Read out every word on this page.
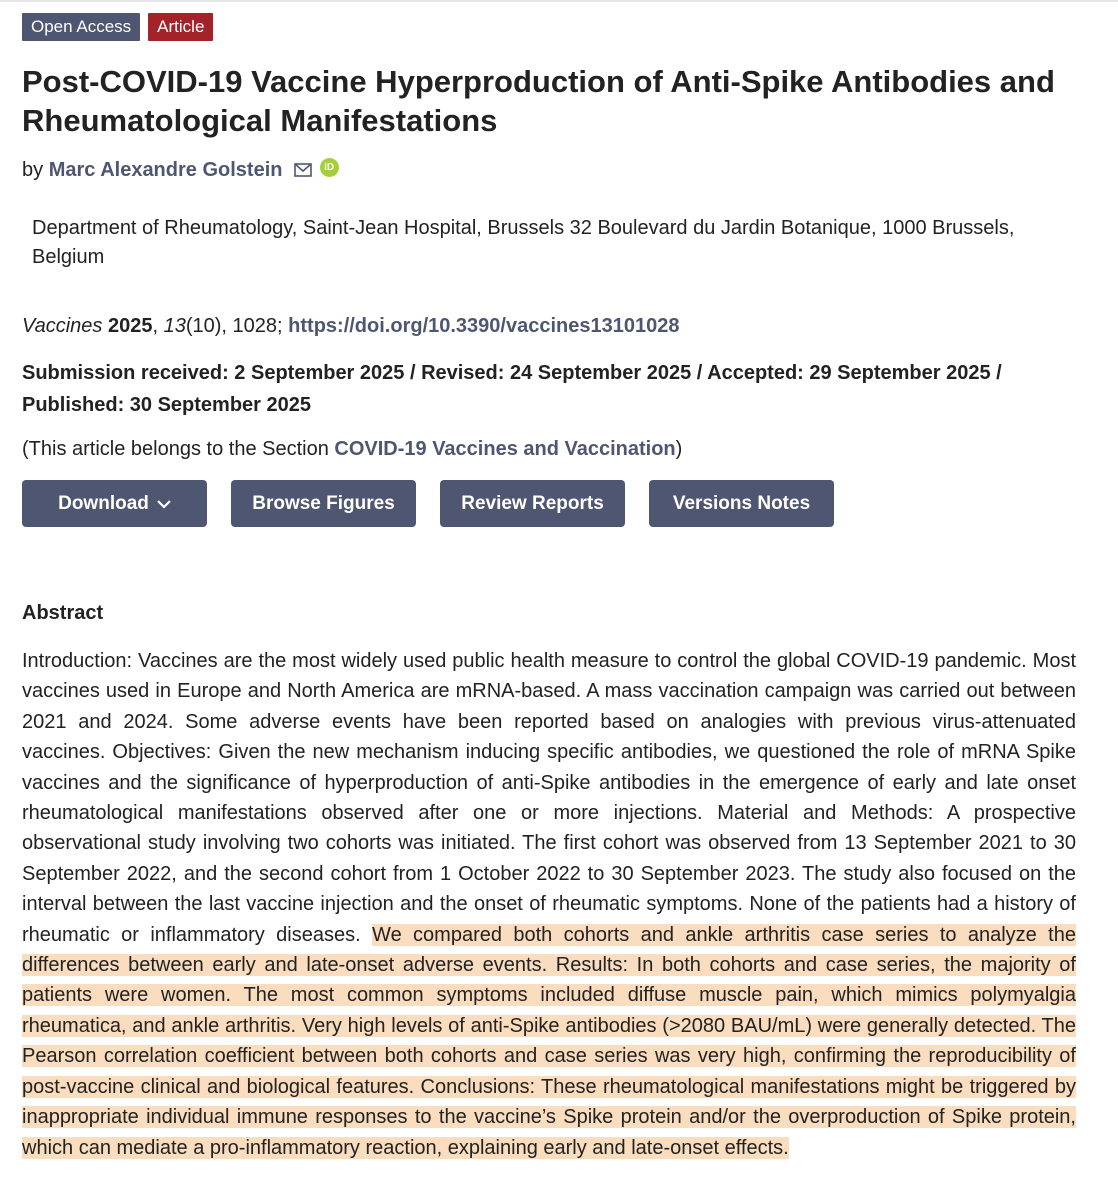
Open Access	Article
Post-COVID-19 Vaccine Hyperproduction of Anti-Spike Antibodies and Rheumatological Manifestations
by Marc Alexandre Golstein	iD
Department of Rheumatology, Saint-Jean Hospital, Brussels 32 Boulevard du Jardin Botanique, 1000 Brussels, Belgium
Vaccines 2025, 13(10), 1028; https://doi.org/10.3390/vaccines13101028
Submission received: 2 September 2025 / Revised: 24 September 2025 / Accepted: 29 September 2025 / Published: 30 September 2025
(This article belongs to the Section COVID-19 Vaccines and Vaccination)
Download	Browse Figures	Review Reports	Versions Notes
Abstract

Introduction: Vaccines are the most widely used public health measure to control the global COVID-19 pandemic. Most vaccines used in Europe and North America are mRNA-based. A mass vaccination campaign was carried out between 2021 and 2024. Some adverse events have been reported based on analogies with previous virus-attenuated vaccines. Objectives: Given the new mechanism inducing specific antibodies, we questioned the role of mRNA Spike vaccines and the significance of hyperproduction of anti-Spike antibodies in the emergence of early and late onset rheumatological manifestations observed after one or more injections. Material and Methods: A prospective observational study involving two cohorts was initiated. The first cohort was observed from 13 September 2021 to 30 September 2022, and the second cohort from 1 October 2022 to 30 September 2023. The study also focused on the interval between the last vaccine injection and the onset of rheumatic symptoms. None of the patients had a history of rheumatic or inflammatory diseases. We compared both cohorts and ankle arthritis case series to analyze the differences between early and late-onset adverse events. Results: In both cohorts and case series, the majority of patients were women. The most common symptoms included diffuse muscle pain, which mimics polymyalgia rheumatica, and ankle arthritis. Very high levels of anti-Spike antibodies (>2080 BAU/mL) were generally detected. The Pearson correlation coefficient between both cohorts and case series was very high, confirming the reproducibility of post-vaccine clinical and biological features. Conclusions: These rheumatological manifestations might be triggered by inappropriate individual immune responses to the vaccine’s Spike protein and/or the overproduction of Spike protein, which can mediate a pro-inflammatory reaction, explaining early and late-onset effects.
